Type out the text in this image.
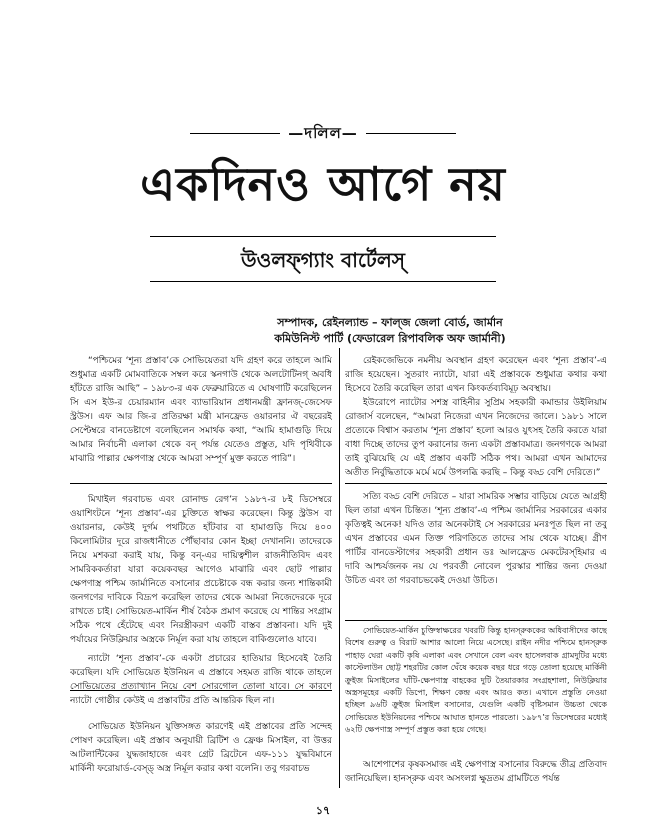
—দলিল—
একদিনও আগে নয়
উওলফ্‌গ্যাং বার্টেলস্‌
সম্পাদক, রেইনল্যান্ড – ফাল্‌জ জেলা বোর্ড, জার্মান
কমিউনিস্ট পার্টি (ফেডারেল রিপাবলিক অফ জার্মানী)

“পশ্চিমের ‘শূন্য প্রস্তাব’কে সোভিয়েতরা যদি গ্রহণ করে তাহলে আমি শুধুমাত্র একটি মোমবাতিকে সম্বল করে স্কনগাউ থেকে অলটোটিনগ্‌ অবধি হাঁটতে রাজি আছি” – ১৯৮৩-র এক ফেব্রুয়ারিতে এ ঘোষণাটি করেছিলেন সি এস ইউ-র চেয়ারম্যান এবং ব্যাভারিয়ান প্রধানমন্ত্রী ফ্রানজ্‌-জেসেফ স্ট্রউস। এফ আর জি-র প্রতিরক্ষা মন্ত্রী মানফ্রেড ওয়ারনার ঐ বছরেরই সেপ্টেম্বরে বানডেষ্টাগে বলেছিলেন সমার্থক কথা, “আমি হামাগুড়ি দিয়ে আমার নির্বাচনী এলাকা থেকে বন্‌ পর্যন্ত যেতেও প্রস্তুত, যদি পৃথিবীকে মাঝারি পাল্লার ক্ষেপণাস্ত্র থেকে আমরা সম্পূর্ণ মুক্ত করতে পারি”।

মিখাইল গরবাচভ এবং রোনাল্ড রেগ’ন ১৯৮৭-র ৮ই ডিসেম্বরে ওয়াশিংটনে ‘শূন্য প্রস্তাব’-এর চুক্তিতে স্বাক্ষর করেছেন। কিন্তু স্ট্রউস বা ওয়ারনার, কেউই দুর্গম পথটিতে হাঁটবার বা হামাগুড়ি দিয়ে ৪০০ কিলোমিটার দূরে রাজধানীতে পৌঁছাবার কোন ইচ্ছা দেখাননি। তাদেরকে নিয়ে মশকরা করাই যায়, কিন্তু বন্‌-এর দায়িত্বশীল রাজনীতিবিদ এবং সামরিককর্তারা যারা কয়েকবছর আগেও মাঝারি এবং ছোট পাল্লার ক্ষেপণাস্ত্র পশ্চিম জার্মানিতে বসানোর প্রচেষ্টাকে বন্ধ করার জন্য শান্তিকামী জনগণের দাবিকে বিদ্রূপ করেছিল তাদের থেকে আমরা নিজেদেরকে দূরে রাখতে চাই। সোভিয়েত-মার্কিন শীর্ষ বৈঠক প্রমাণ করেছে যে শান্তির সংগ্রাম সঠিক পথে হেঁটেছে এবং নিরস্ত্রীকরণ একটি বাস্তব প্রস্তাবনা। যদি দুই পর্যায়ের নিউক্লিয়ার অস্ত্রকে নির্মূল করা যায় তাহলে বাকিগুলোও যাবে।

ন্যাটো ‘শূন্য প্রস্তাব’-কে একটা প্রচারের হাতিয়ার হিসেবেই তৈরি করেছিল। যদি সোভিয়েত ইউনিয়ন এ প্রস্তাবে সহমত রাজি থাকে তাহলে সোভিয়েতের প্রত্যাখ্যান নিয়ে বেশ সোরগোল তোলা যাবে। সে কারণে ন্যাটো গোষ্ঠীর কেউই এ প্রস্তাবটির প্রতি আন্তরিক ছিল না।

সোভিয়েত ইউনিয়ন যুক্তিসঙ্গত কারণেই এই প্রস্তাবের প্রতি সন্দেহ পোষণ করেছিল। এই প্রস্তাব অনুযায়ী ব্রিটিশ ও ফ্রেঞ্চ মিসাইল, বা উত্তর আটলান্টিকের যুদ্ধজাহাজে এবং গ্রেট ব্রিটেনে এফ-১১১ যুদ্ধবিমানে মার্কিনী ফরোয়ার্ড-বেস্‌ড্‌ অস্ত্র নির্মূল করার কথা বলেনি। তবু গরবাচভ

রেইকজেভিকে নমনীয় অবস্থান গ্রহণ করেছেন এবং ‘শূন্য প্রস্তাব’-এ রাজি হয়েছেন। সুতরাং ন্যাটো, যারা এই প্রস্তাবকে শুধুমাত্র কথার কথা হিসেবে তৈরি করেছিল তারা এখন কিংকর্তব্যবিমূঢ় অবস্থায়।

ইউরোপে ন্যাটোর সশস্ত্র বাহিনীর সুপ্রিম সহকারী কমান্ডার উইলিয়াম রোজার্স বলেছেন, “আমরা নিজেরা এখন নিজেদের জালে। ১৯৮১ সালে প্রত্যেকে বিশ্বাস করতাম ‘শূন্য প্রস্তাব’ হলো আরও যুৎসহ তৈরি করতে যারা বাধা দিচ্ছে তাদের তুপ করানোর জন্য একটা প্রস্তাবমাত্র। জনগণকে আমরা তাই বুঝিয়েছি যে এই প্রস্তাব একটি সঠিক পথ। আমরা এখন আমাদের অতীত নির্বুদ্ধিতাকে মর্মে মর্মে উপলব্ধি করছি – কিন্তু বড্ড বেশি দেরিতে।”

সত্যি বড্ড বেশি দেরিতে – যারা সামরিক সম্ভার বাড়িয়ে যেতে আগ্রহী ছিল তারা এখন চিন্তিত। ‘শূন্য প্রস্তাব’-এ পশ্চিম জার্মানির সরকারের একার কৃতিত্বই অনেক! যদিও তার অনেকটাই সে সরকারের মনঃপূত ছিল না তবু এখন প্রস্তাবের এমন তিক্ত পরিণতিতে তাদের সায় থেকে যাচ্ছে। গ্রীণ পার্টির বানডেস্টাগের সহকারী প্রধান ডঃ আলফ্রেড মেকটেরস্‌হিমার এ দাবি আশ্চর্যজনক নয় যে পরবর্তী নোবেল পুরস্কার শান্তির জন্য দেওয়া উচিত এবং তা গরবাচভকেই দেওয়া উচিত।

সোভিয়েত-মার্কিন চুক্তিস্বাক্ষরের খবরটি কিন্তু হানস্‌রুককের অধিবাসীদের কাছে বিশেষ গুরুত্ব ও বিরাট আশার আলো নিয়ে এসেছে। রাইন নদীর পশ্চিমে হানস্‌রুক পাহাড় ঘেরা একটি কৃষি এলাকা এবং সেখানে বেল এবং হাসেলবাক গ্রামদুটির মধ্যে কাস্টেলাউন ছোট্ট শহরটির কোল ঘেঁষে কয়েক বছর ধরে গড়ে তোলা হয়েছে মার্কিনী ক্রুইজ মিসাইলের ঘাঁটি-ক্ষেপণাস্ত্র বাহকের দুটি তৈয়ারকার সংগ্রহশালা, নিউক্লিয়ার অস্ত্রসমূহের একটি ডিপো, শিক্ষণ কেন্দ্র এবং আরও কত। এখানে প্রস্তুতি নেওয়া হচ্ছিল ৯৬টি ক্রুইজ মিসাইল বসানোর, যেগুলি একটি বৃষ্টিসমান উচ্চতা থেকে সোভিয়েত ইউনিয়নের পশ্চিমে আঘাত হানতে পারতো। ১৯৮৭’র ডিসেম্বরের মধ্যেই ৬২টি ক্ষেপণাস্ত্র সম্পূর্ণ প্রস্তুত করা হয়ে গেছে।

আশেপাশের কৃষকসমাজ এই ক্ষেপণাস্ত্র বসানোর বিরুদ্ধে তীব্র প্রতিবাদ জানিয়েছিল। হানস্‌রুক এবং অসংলগ্ন ক্ষুদ্রতম গ্রামটিতে পর্যন্ত

১৭
